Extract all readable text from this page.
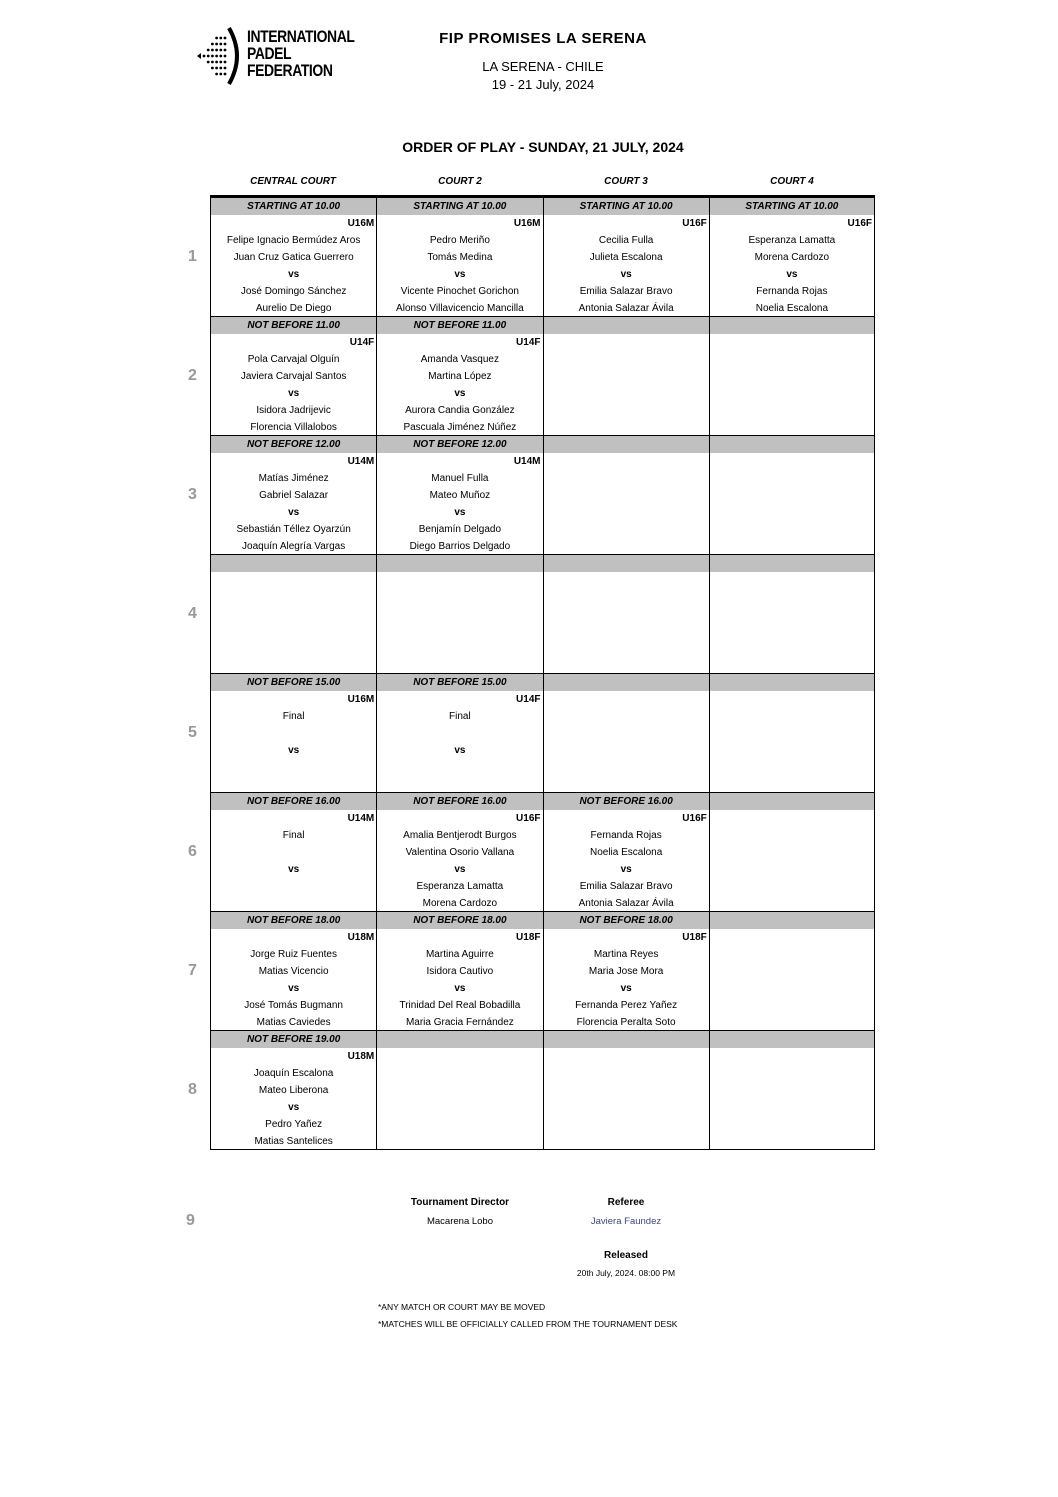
INTERNATIONAL
PADEL
FEDERATION
FIP PROMISES LA SERENA
LA SERENA - CHILE
19 - 21 July, 2024
ORDER OF PLAY - SUNDAY, 21 JULY, 2024
CENTRAL COURT	COURT 2	COURT 3	COURT 4
1
STARTING AT 10.00
U16M
Felipe Ignacio Bermúdez Aros
Juan Cruz Gatica Guerrero
vs
José Domingo Sánchez
Aurelio De Diego
STARTING AT 10.00
U16M
Pedro Meriño
Tomás Medina
vs
Vicente Pinochet Gorichon
Alonso Villavicencio Mancilla
STARTING AT 10.00
U16F
Cecilia Fulla
Julieta Escalona
vs
Emilia Salazar Bravo
Antonia Salazar Ávila
STARTING AT 10.00
U16F
Esperanza Lamatta
Morena Cardozo
vs
Fernanda Rojas
Noelia Escalona
2
NOT BEFORE 11.00
U14F
Pola Carvajal Olguín
Javiera Carvajal Santos
vs
Isidora Jadrijevic
Florencia Villalobos
NOT BEFORE 11.00
U14F
Amanda Vasquez
Martina López
vs
Aurora Candia González
Pascuala Jiménez Núñez
3
NOT BEFORE 12.00
U14M
Matías Jiménez
Gabriel Salazar
vs
Sebastián Téllez Oyarzún
Joaquín Alegría Vargas
NOT BEFORE 12.00
U14M
Manuel Fulla
Mateo Muñoz
vs
Benjamín Delgado
Diego Barrios Delgado
4
5
NOT BEFORE 15.00
U16M
Final
vs
NOT BEFORE 15.00
U14F
Final
vs
6
NOT BEFORE 16.00
U14M
Final
vs
NOT BEFORE 16.00
U16F
Amalia Bentjerodt Burgos
Valentina Osorio Vallana
vs
Esperanza Lamatta
Morena Cardozo
NOT BEFORE 16.00
U16F
Fernanda Rojas
Noelia Escalona
vs
Emilia Salazar Bravo
Antonia Salazar Ávila
7
NOT BEFORE 18.00
U18M
Jorge Ruiz Fuentes
Matias Vicencio
vs
José Tomás Bugmann
Matias Caviedes
NOT BEFORE 18.00
U18F
Martina Aguirre
Isidora Cautivo
vs
Trinidad Del Real Bobadilla
Maria Gracia Fernández
NOT BEFORE 18.00
U18F
Martina Reyes
Maria Jose Mora
vs
Fernanda Perez Yañez
Florencia Peralta Soto
8
NOT BEFORE 19.00
U18M
Joaquín Escalona
Mateo Liberona
vs
Pedro Yañez
Matias Santelices
9
Tournament Director
Macarena Lobo
Referee
Javiera Faundez
Released
20th July, 2024. 08:00 PM
*ANY MATCH OR COURT MAY BE MOVED
*MATCHES WILL BE OFFICIALLY CALLED FROM THE TOURNAMENT DESK
